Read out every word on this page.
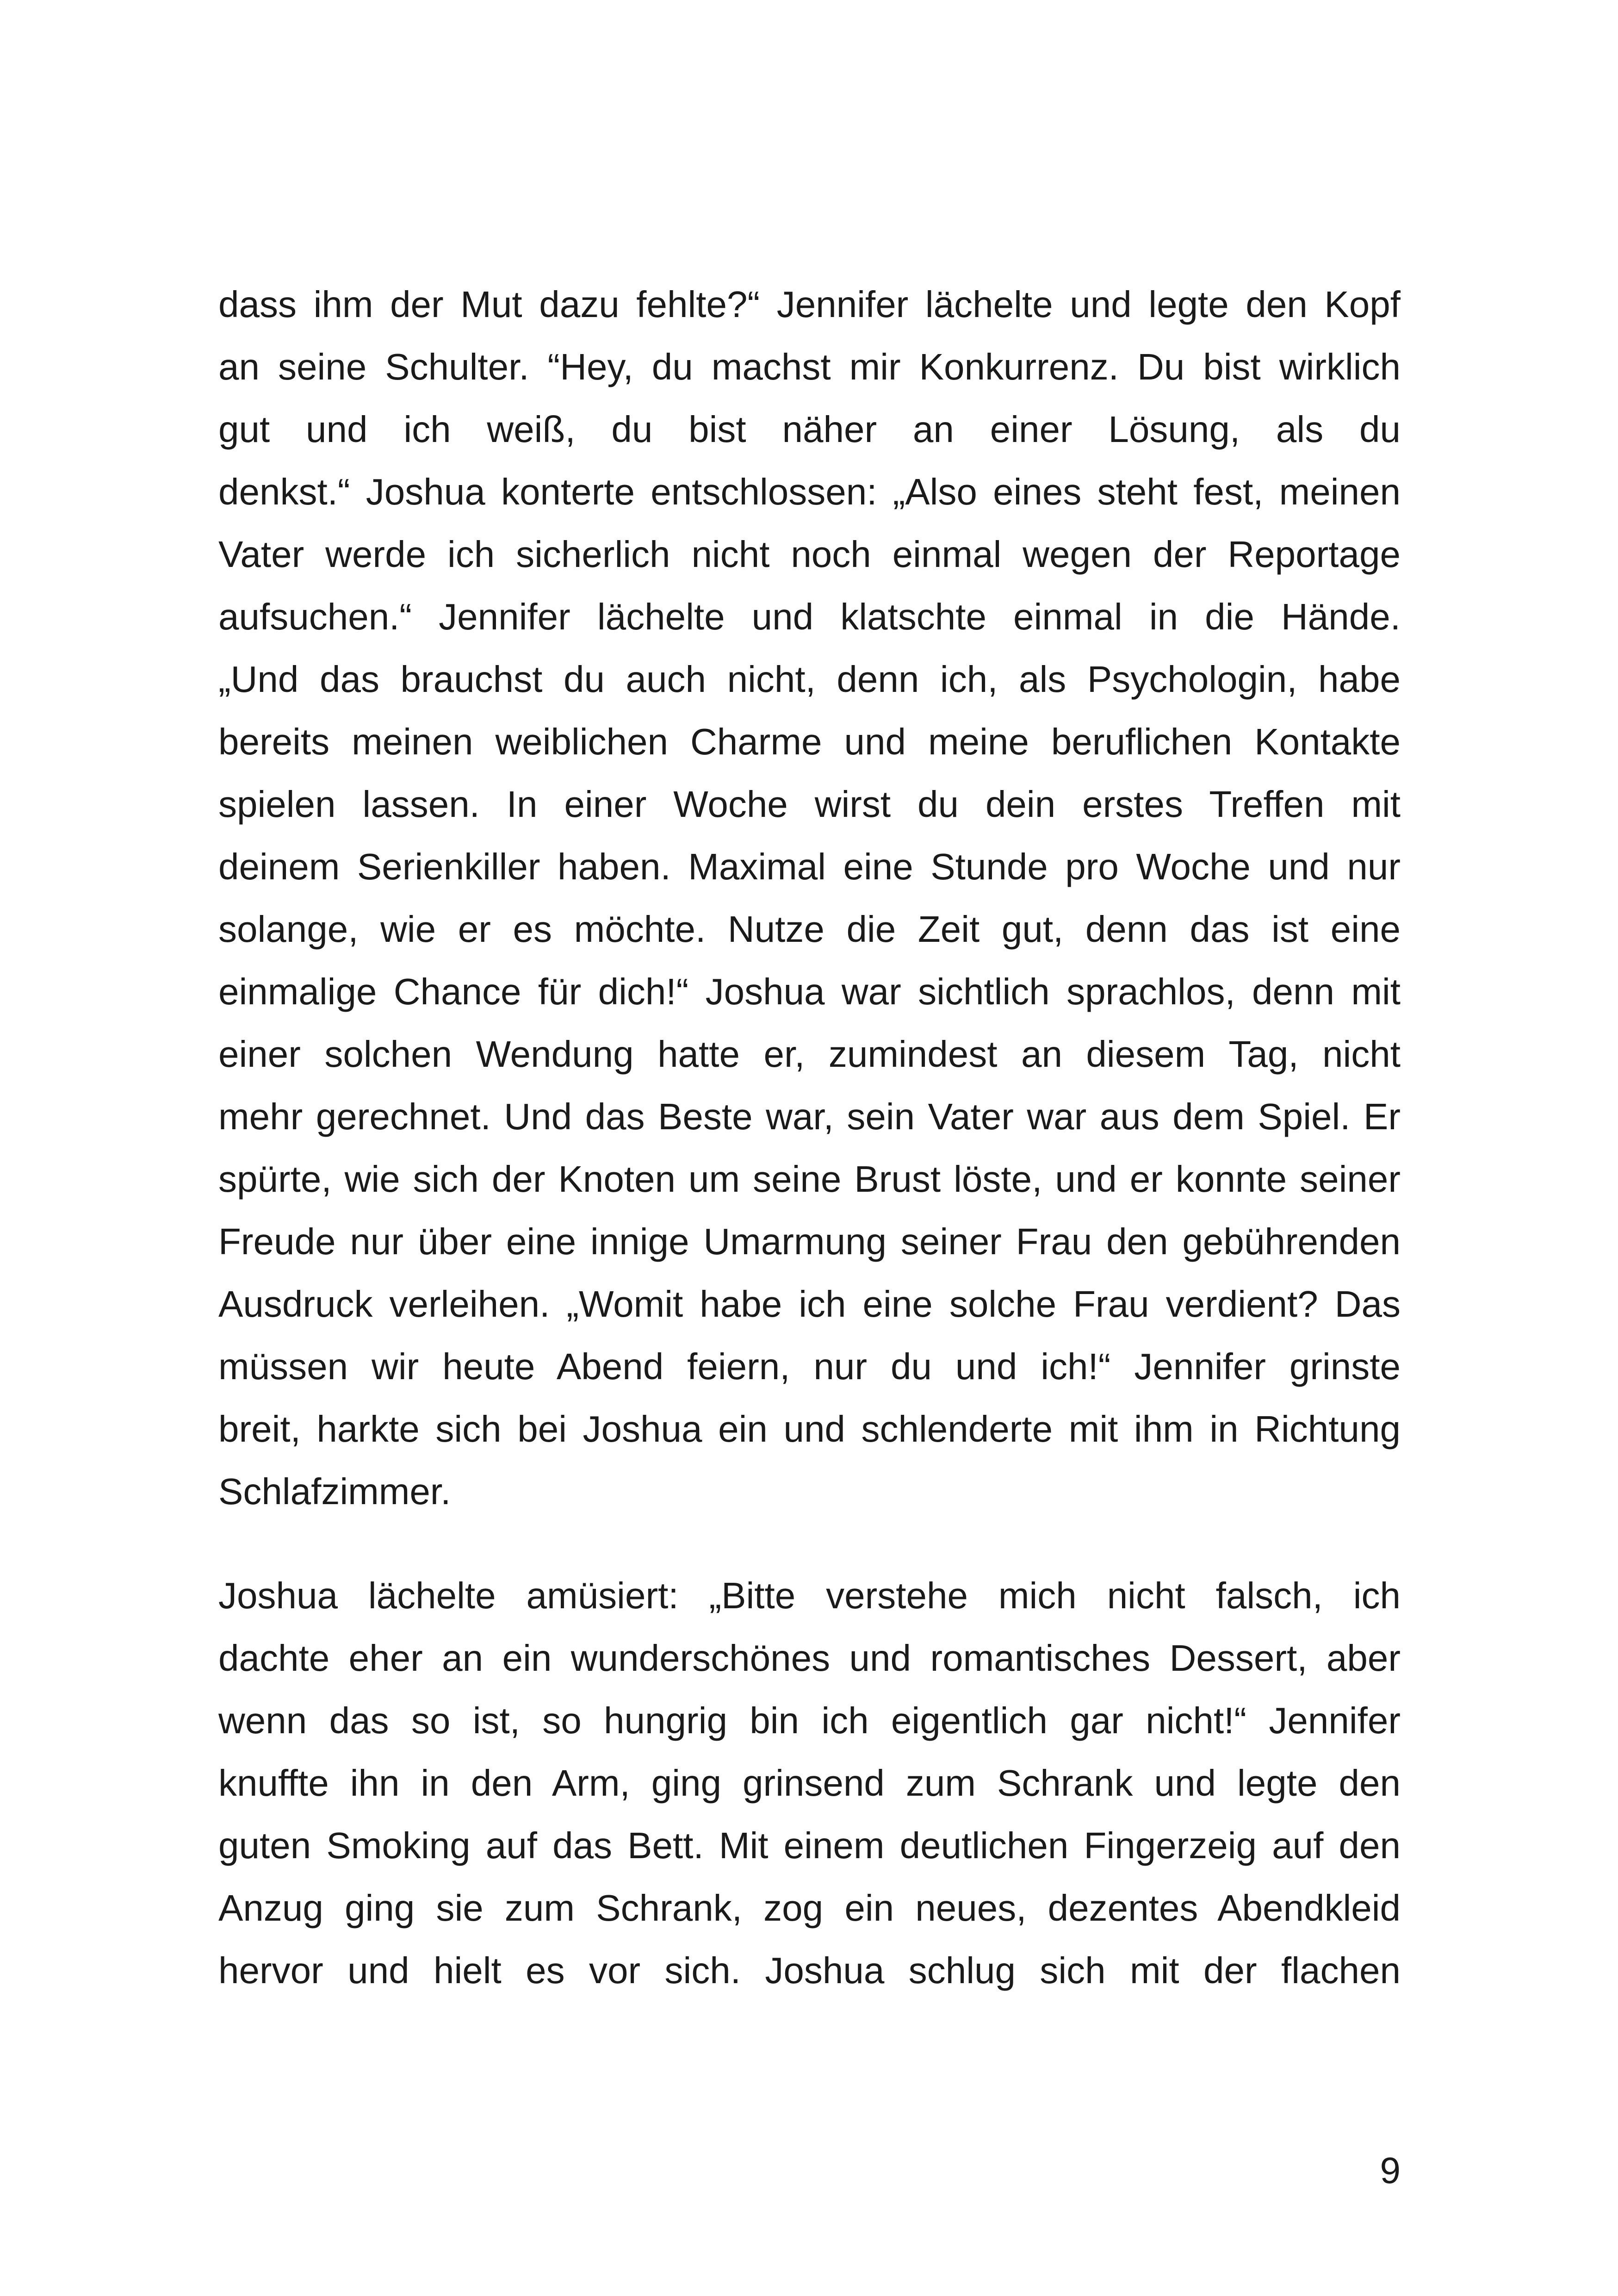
dass ihm der Mut dazu fehlte?“ Jennifer lächelte und legte den Kopf
an seine Schulter. “Hey, du machst mir Konkurrenz. Du bist wirklich
gut und ich weiß, du bist näher an einer Lösung, als du
denkst.“ Joshua konterte entschlossen: „Also eines steht fest, meinen
Vater werde ich sicherlich nicht noch einmal wegen der Reportage
aufsuchen.“ Jennifer lächelte und klatschte einmal in die Hände.
„Und das brauchst du auch nicht, denn ich, als Psychologin, habe
bereits meinen weiblichen Charme und meine beruflichen Kontakte
spielen lassen. In einer Woche wirst du dein erstes Treffen mit
deinem Serienkiller haben. Maximal eine Stunde pro Woche und nur
solange, wie er es möchte. Nutze die Zeit gut, denn das ist eine
einmalige Chance für dich!“ Joshua war sichtlich sprachlos, denn mit
einer solchen Wendung hatte er, zumindest an diesem Tag, nicht
mehr gerechnet. Und das Beste war, sein Vater war aus dem Spiel. Er
spürte, wie sich der Knoten um seine Brust löste, und er konnte seiner
Freude nur über eine innige Umarmung seiner Frau den gebührenden
Ausdruck verleihen. „Womit habe ich eine solche Frau verdient? Das
müssen wir heute Abend feiern, nur du und ich!“ Jennifer grinste
breit, harkte sich bei Joshua ein und schlenderte mit ihm in Richtung
Schlafzimmer.
Joshua lächelte amüsiert: „Bitte verstehe mich nicht falsch, ich
dachte eher an ein wunderschönes und romantisches Dessert, aber
wenn das so ist, so hungrig bin ich eigentlich gar nicht!“ Jennifer
knuffte ihn in den Arm, ging grinsend zum Schrank und legte den
guten Smoking auf das Bett. Mit einem deutlichen Fingerzeig auf den
Anzug ging sie zum Schrank, zog ein neues, dezentes Abendkleid
hervor und hielt es vor sich. Joshua schlug sich mit der flachen
9
